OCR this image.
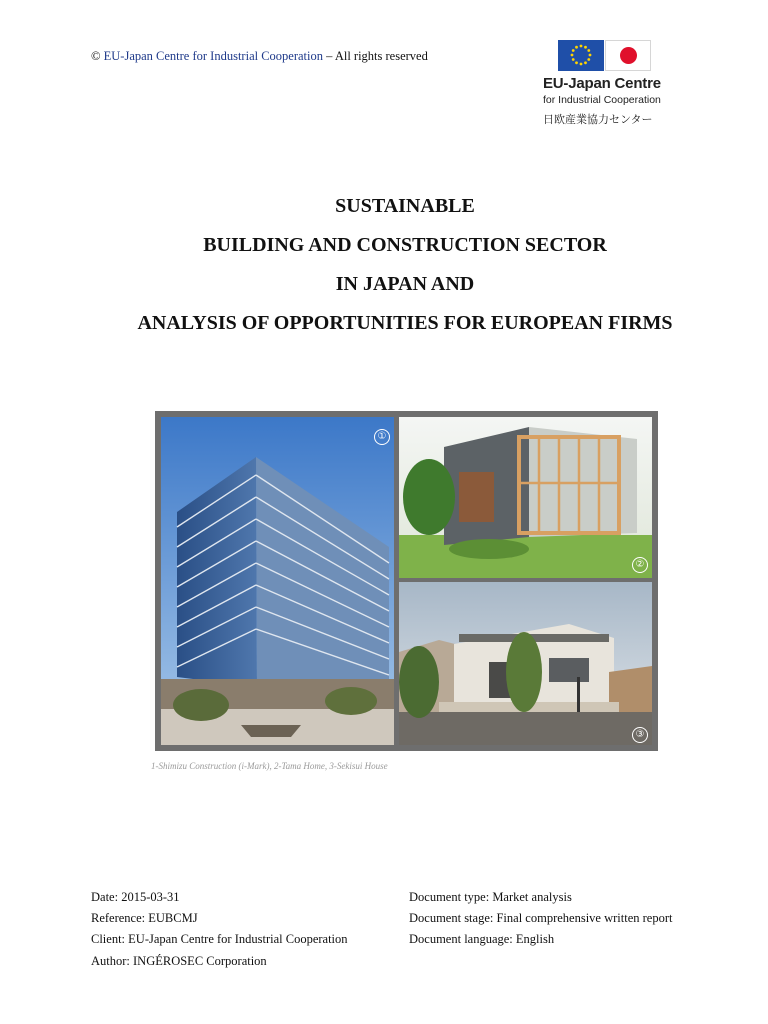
© EU-Japan Centre for Industrial Cooperation – All rights reserved
EU-Japan Centre
for Industrial Cooperation
日欧産業協力センター
SUSTAINABLE
BUILDING AND CONSTRUCTION SECTOR
IN JAPAN AND
ANALYSIS OF OPPORTUNITIES FOR EUROPEAN FIRMS
①
②
③
1-Shimizu Construction (i-Mark), 2-Tama Home, 3-Sekisui House
Date: 2015-03-31
Reference: EUBCMJ
Client: EU-Japan Centre for Industrial Cooperation
Author: INGÉROSEC Corporation
Document type: Market analysis
Document stage: Final comprehensive written report
Document language: English
